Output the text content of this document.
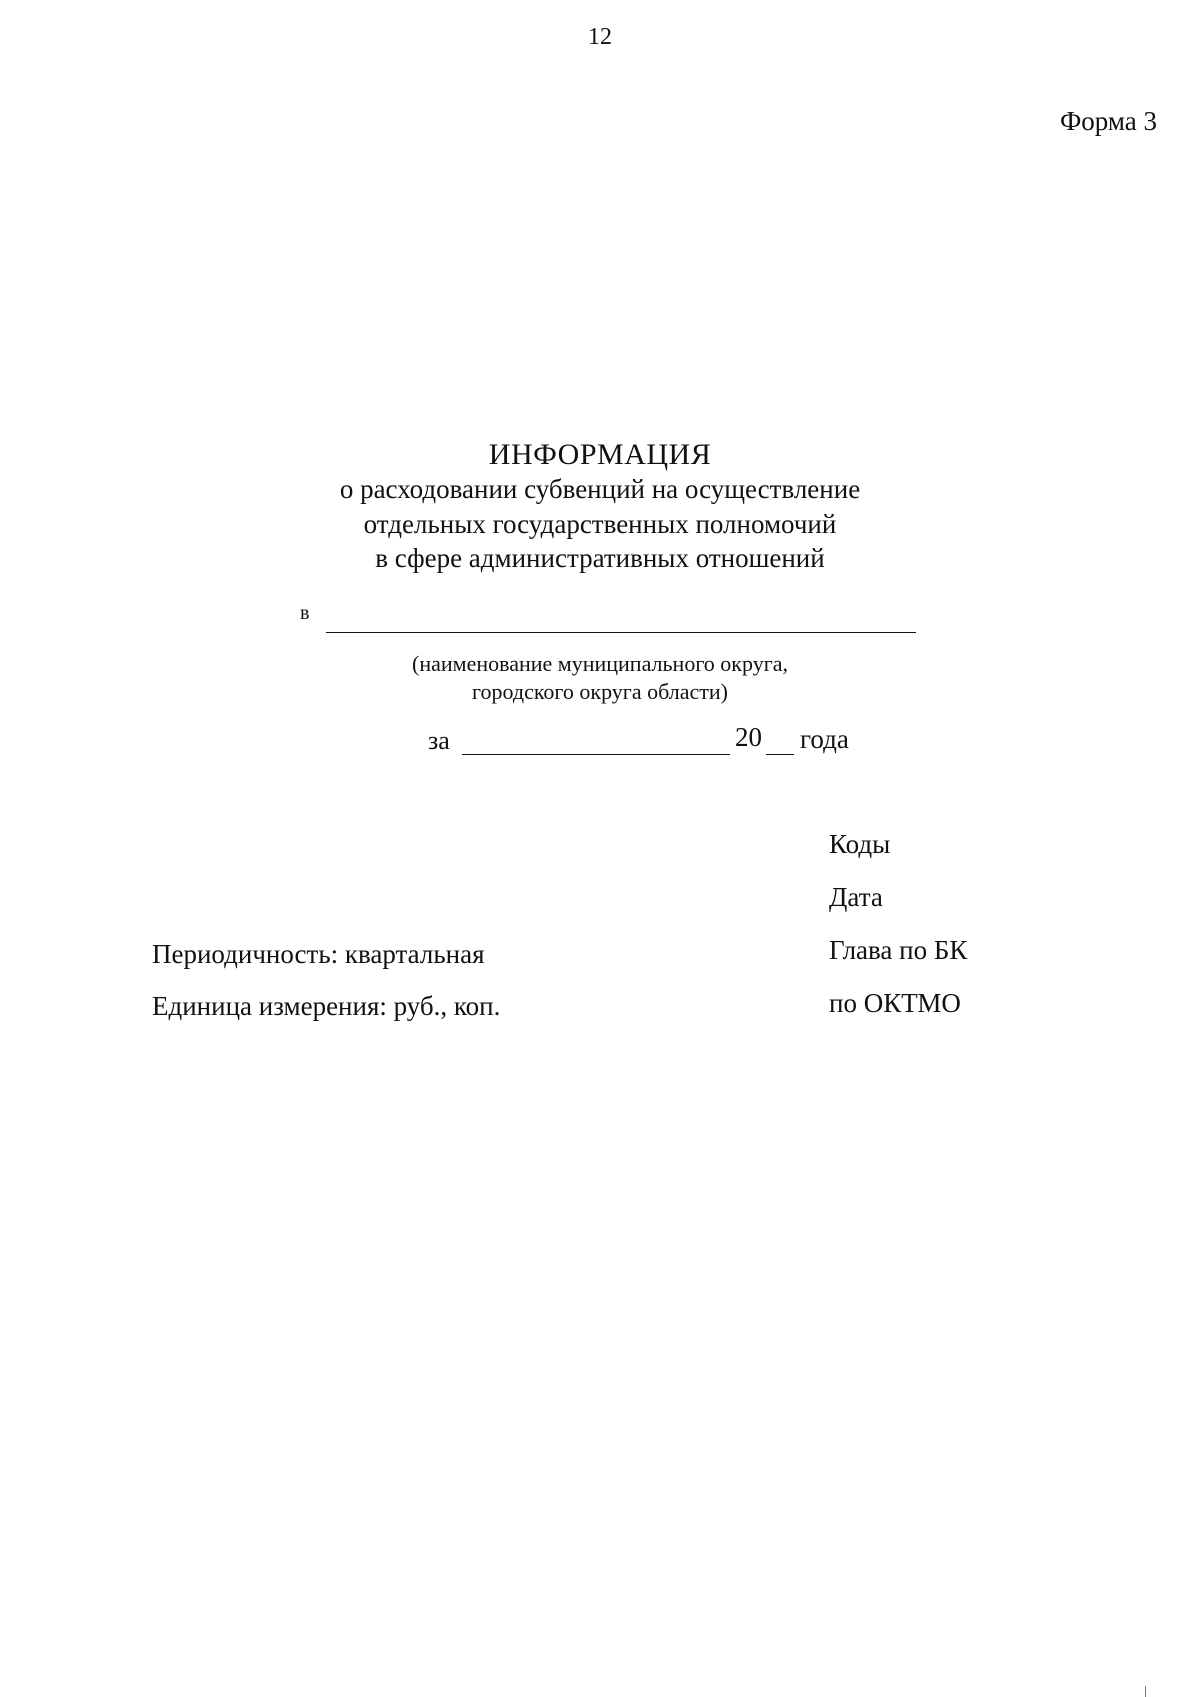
12
Форма 3
ИНФОРМАЦИЯ
о расходовании субвенций на осуществление
отдельных государственных полномочий
в сфере административных отношений
в
(наименование муниципального округа,
городского округа области)
за	20 года
Коды
Дата
Глава по БК
по ОКТМО
Периодичность: квартальная
Единица измерения: руб., коп.
